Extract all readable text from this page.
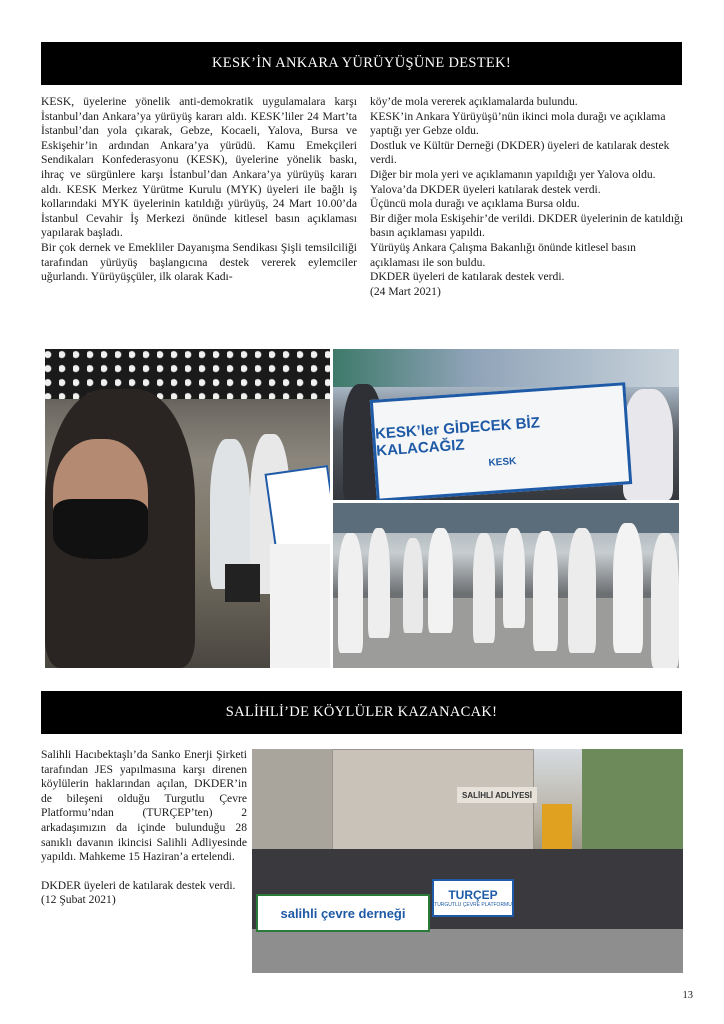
KESK’İN ANKARA YÜRÜYÜŞÜNE DESTEK!

KESK, üyelerine yönelik anti-demokratik uygulamalara karşı İstanbul’dan Ankara’ya yürüyüş kararı aldı. KESK’liler 24 Mart’ta İstanbul’dan yola çıkarak, Gebze, Kocaeli, Yalova, Bursa ve Eskişehir’in ardından Ankara’ya yürüdü. Kamu Emekçileri Sendikaları Konfederasyonu (KESK), üyelerine yönelik baskı, ihraç ve sürgünlere karşı İstanbul’dan Ankara’ya yürüyüş kararı aldı. KESK Merkez Yürütme Kurulu (MYK) üyeleri ile bağlı iş kollarındaki MYK üyelerinin katıldığı yürüyüş, 24 Mart 10.00’da İstanbul Cevahir İş Merkezi önünde kitlesel basın açıklaması yapılarak başladı.

Bir çok dernek ve Emekliler Dayanışma Sendikası Şişli temsilciliği tarafından yürüyüş başlangıcına destek vererek eylemciler uğurlandı. Yürüyüşçüler, ilk olarak Kadı-

köy’de mola vererek açıklamalarda bulundu.

KESK’in Ankara Yürüyüşü’nün ikinci mola durağı ve açıklama yaptığı yer Gebze oldu.

Dostluk ve Kültür Derneği (DKDER) üyeleri de katılarak destek verdi.

Diğer bir mola yeri ve açıklamanın yapıldığı yer Yalova oldu. Yalova’da DKDER üyeleri katılarak destek verdi.

Üçüncü mola durağı ve açıklama Bursa oldu.

Bir diğer mola Eskişehir’de verildi. DKDER üyelerinin de katıldığı basın açıklaması yapıldı.

Yürüyüş Ankara Çalışma Bakanlığı önünde kitlesel basın açıklaması ile son buldu.

DKDER üyeleri de katılarak destek verdi.

(24 Mart 2021)

KESK’ler GİDECEK BİZ KALACAĞIZ
KESK
SALİHLİ’DE KÖYLÜLER KAZANACAK!

Salihli Hacıbektaşlı’da Sanko Enerji Şirketi tarafından JES yapılmasına karşı direnen köylülerin haklarından açılan, DKDER’in de bileşeni olduğu Turgutlu Çevre Platformu’ndan (TURÇEP’ten) 2 arkadaşımızın da içinde bulunduğu 28 sanıklı davanın ikincisi Salihli Adliyesinde yapıldı. Mahkeme 15 Haziran’a ertelendi.

DKDER üyeleri de katılarak destek verdi.

(12 Şubat 2021)

SALİHLİ ADLİYESİ
salihli çevre derneği
TURÇEP
TURGUTLU ÇEVRE PLATFORMU
13
